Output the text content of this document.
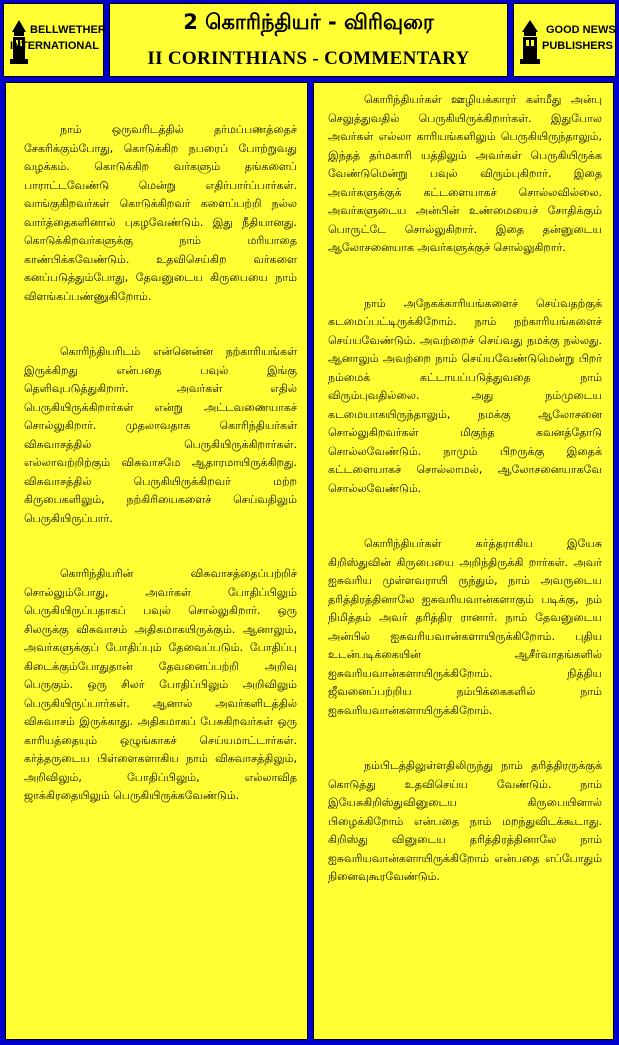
BELLWETHER
INTERNATIONAL
2 கொரிந்தியர் - விரிவுரை
II CORINTHIANS - COMMENTARY
GOOD NEWS
PUBLISHERS

நாம் ஒருவரிடத்தில் தர்மப்பணத்தைச் சேகரிக்கும்போது, கொடுக்கிற நபரைப் போற்றுவது வழக்கம். கொடுக்கிற வர்களும் தங்களைப் பாராட்டவேண்டு மென்று எதிர்பார்ப்பார்கள். வாங்குகிறவர்கள் கொடுக்கிறவர் களைப்பற்றி நல்ல வார்த்தைகளினால் புகழவேண்டும். இது நீதியானது. கொடுக்கிறவர்களுக்கு நாம் மரியாதை காண்பிக்கவேண்டும். உதவிசெய்கிற வர்களை கனப்படுத்தும்போது, தேவனுடைய கிருபையை நாம் விளங்கப்பண்ணுகிறோம்.

கொரிந்தியரிடம் என்னென்ன நற்காரியங்கள் இருக்கிறது என்பதை பவுல் இங்கு தெளிவுபடுத்துகிறார். அவர்கள் எதில் பெருகியிருக்கிறார்கள் என்று அட்டவணையாகச் சொல்லுகிறார். முதலாவதாக கொரிந்தியர்கள் விசுவாசத்தில் பெருகியிருக்கிறார்கள். எல்லாவற்றிற்கும் விசுவாசமே ஆதாரமாயிருக்கிறது. விசுவாசத்தில் பெருகியிருக்கிறவர் மற்ற கிருபைகளிலும், நற்கிரியைகளைச் செய்வதிலும் பெருகியிருப்பார்.

கொரிந்தியரின் விசுவாசத்தைப்பற்றிச் சொல்லும்போது, அவர்கள் போதிப்பிலும் பெருகியிருப்பதாகப் பவுல் சொல்லுகிறார். ஒரு சிலருக்கு விசுவாசம் அதிகமாகயிருக்கும். ஆனாலும், அவர்களுக்குப் போதிப்பும் தேவைப்படும். போதிப்பு கிடைக்கும்போதுதான் தேவனைப்பற்றி அறிவு பெருகும். ஒரு சிலர் போதிப்பிலும் அறிவிலும் பெருகியிருப்பார்கள். ஆனால் அவர்களிடத்தில் விசுவாசம் இருக்காது. அதிகமாகப் பேசுகிறவர்கள் ஒரு காரியத்தையும் ஒழுங்காகச் செய்யமாட்டார்கள். கர்த்தருடைய பிள்ளைகளாகிய நாம் விசுவாசத்திலும், அறிவிலும், போதிப்பிலும், எல்லாவித ஜாக்கிரதையிலும் பெருகியிருக்கவேண்டும்.

கொரிந்தியர்கள் ஊழியக்காரர் கள்மீது அன்பு செலுத்துவதில் பெருகியிருக்கிறார்கள். இதுபோல அவர்கள் எல்லா காரியங்களிலும் பெருகியிருந்தாலும், இந்தத் தர்மகாரி யத்திலும் அவர்கள் பெருகியிருக்க வேண்டுமென்று பவுல் விரும்புகிறார். இதை அவர்களுக்குக் கட்டளையாகச் சொல்லவில்லை. அவர்களுடைய அன்பின் உண்மையைச் சோதிக்கும் பொருட்டே சொல்லுகிறார். இதை தன்னுடைய ஆலோசனையாக அவர்களுக்குச் சொல்லுகிறார்.

நாம் அநேகக்காரியங்களைச் செய்வதற்குக் கடமைப்பட்டிருக்கிறோம். நாம் நற்காரியங்களைச் செய்யவேண்டும். அவற்றைச் செய்வது நமக்கு நல்லது. ஆனாலும் அவற்றை நாம் செய்யவேண்டுமென்று பிறர் நம்மைக் கட்டாயப்படுத்துவதை நாம் விரும்புவதில்லை. அது நம்முடைய கடமையாகயிருந்தாலும், நமக்கு ஆலோசனை சொல்லுகிறவர்கள் மிகுந்த கவனத்தோடு சொல்லவேண்டும். நாமும் பிறருக்கு இதைக் கட்டளையாகச் சொல்லாமல், ஆலோசனையாகவே சொல்லவேண்டும்.

கொரிந்தியர்கள் கர்த்தராகிய இயேசு கிறிஸ்துவின் கிருபையை அறிந்திருக்கி றார்கள். அவர் ஐசுவரிய முள்ளவராயி ருந்தும், நாம் அவருடைய தரித்திரத்தினாலே ஐசுவரியவான்களாகும் படிக்கு, நம் நிமித்தம் அவர் தரித்திர ரானார். நாம் தேவனுடைய அன்பில் ஐசுவரியவான்களாயிருக்கிறோம். புதிய உடன்படிக்கையின் ஆசீர்வாதங்களில் ஐசுவரியவான்களாயிருக்கிறோம். நித்திய ஜீவனைப்பற்றிய நம்பிக்கைகளில் நாம் ஐசுவரியவான்களாயிருக்கிறோம்.

நம்பிடத்திலுள்ளதிலிருந்து நாம் தரித்திரருக்குக் கொடுத்து உதவிசெய்ய வேண்டும். நாம் இயேசுகிறிஸ்துவினுடைய கிருபையினால் பிழைக்கிறோம் என்பதை நாம் மறந்துவிடக்கூடாது. கிறிஸ்து வினுடைய தரித்திரத்தினாலே நாம் ஐசுவரியவான்களாயிருக்கிறோம் என்பதை எப்போதும் நினைவுகூரவேண்டும்.
